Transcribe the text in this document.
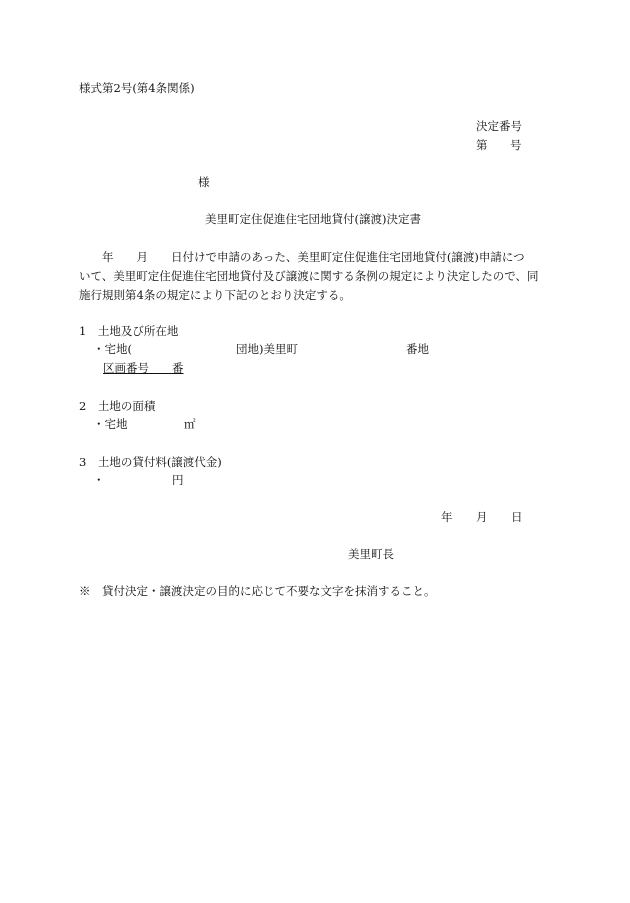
様式第2号(第4条関係)
決定番号
第 号
様
美里町定住促進住宅団地貸付(譲渡)決定書
　　年　　月　　日付けで申請のあった、美里町定住促進住宅団地貸付(譲渡)申請につ
いて、美里町定住促進住宅団地貸付及び譲渡に関する条例の規定により決定したので、同
施行規則第4条の規定により下記のとおり決定する。
1　土地及び所在地
・宅地(	団地)美里町	番地
区画番号　　番
2　土地の面積
・宅地	㎡
3　土地の貸付料(譲渡代金)
・	円
年 月 日
美里町長
※　貸付決定・譲渡決定の目的に応じて不要な文字を抹消すること。
